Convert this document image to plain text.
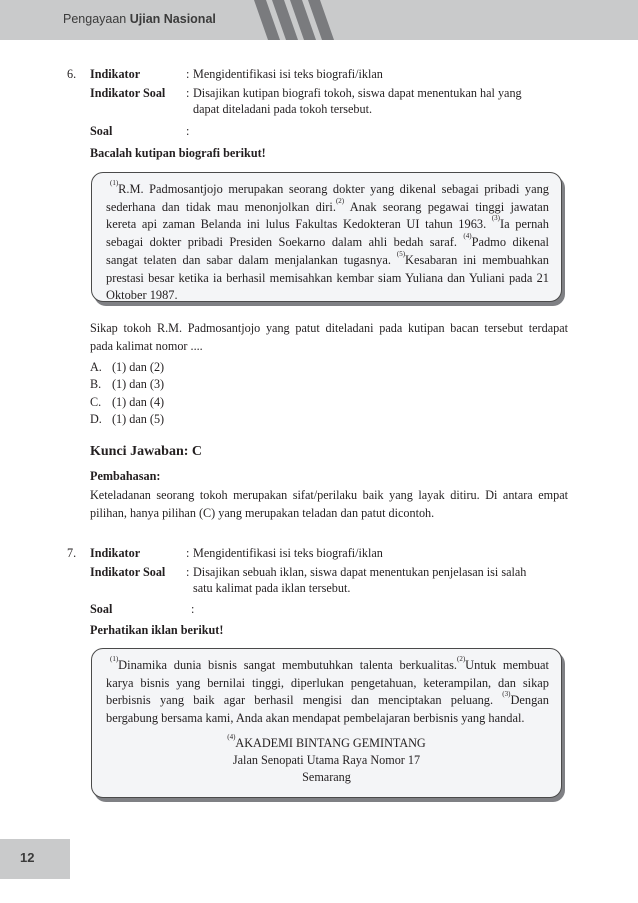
Pengayaan Ujian Nasional
6. Indikator	: Mengidentifikasi isi teks biografi/iklan
Indikator Soal : Disajikan kutipan biografi tokoh, siswa dapat menentukan hal yang
dapat diteladani pada tokoh tersebut.
Soal	:
Bacalah kutipan biografi berikut!
$^{(1)}$R.M. Padmosantjojo merupakan seorang dokter yang dikenal sebagai pribadi yang
sederhana dan tidak mau menonjolkan diri.$^{(2)}$ Anak seorang pegawai tinggi jawatan
kereta api zaman Belanda ini lulus Fakultas Kedokteran UI tahun 1963. $^{(3)}$Ia pernah
sebagai dokter pribadi Presiden Soekarno dalam ahli bedah saraf. $^{(4)}$Padmo dikenal
sangat telaten dan sabar dalam menjalankan tugasnya. $^{(5)}$Kesabaran ini membuahkan
prestasi besar ketika ia berhasil memisahkan kembar siam Yuliana dan Yuliani pada 21
Oktober 1987.
Sikap tokoh R.M. Padmosantjojo yang patut diteladani pada kutipan bacan tersebut terdapat
pada kalimat nomor ....
A. (1) dan (2)
B. (1) dan (3)
C. (1) dan (4)
D. (1) dan (5)
Kunci Jawaban: C
Pembahasan:
Keteladanan seorang tokoh merupakan sifat/perilaku baik yang layak ditiru. Di antara empat
pilihan, hanya pilihan (C) yang merupakan teladan dan patut dicontoh.
7. Indikator	: Mengidentifikasi isi teks biografi/iklan
Indikator Soal : Disajikan sebuah iklan, siswa dapat menentukan penjelasan isi salah
satu kalimat pada iklan tersebut.
Soal	:
Perhatikan iklan berikut!
$^{(1)}$Dinamika dunia bisnis sangat membutuhkan talenta berkualitas.$^{(2)}$Untuk membuat
karya bisnis yang bernilai tinggi, diperlukan pengetahuan, keterampilan, dan sikap
berbisnis yang baik agar berhasil mengisi dan menciptakan peluang. $^{(3)}$Dengan
bergabung bersama kami, Anda akan mendapat pembelajaran berbisnis yang handal.
$^{(4)}$AKADEMI BINTANG GEMINTANG
Jalan Senopati Utama Raya Nomor 17
Semarang
12
